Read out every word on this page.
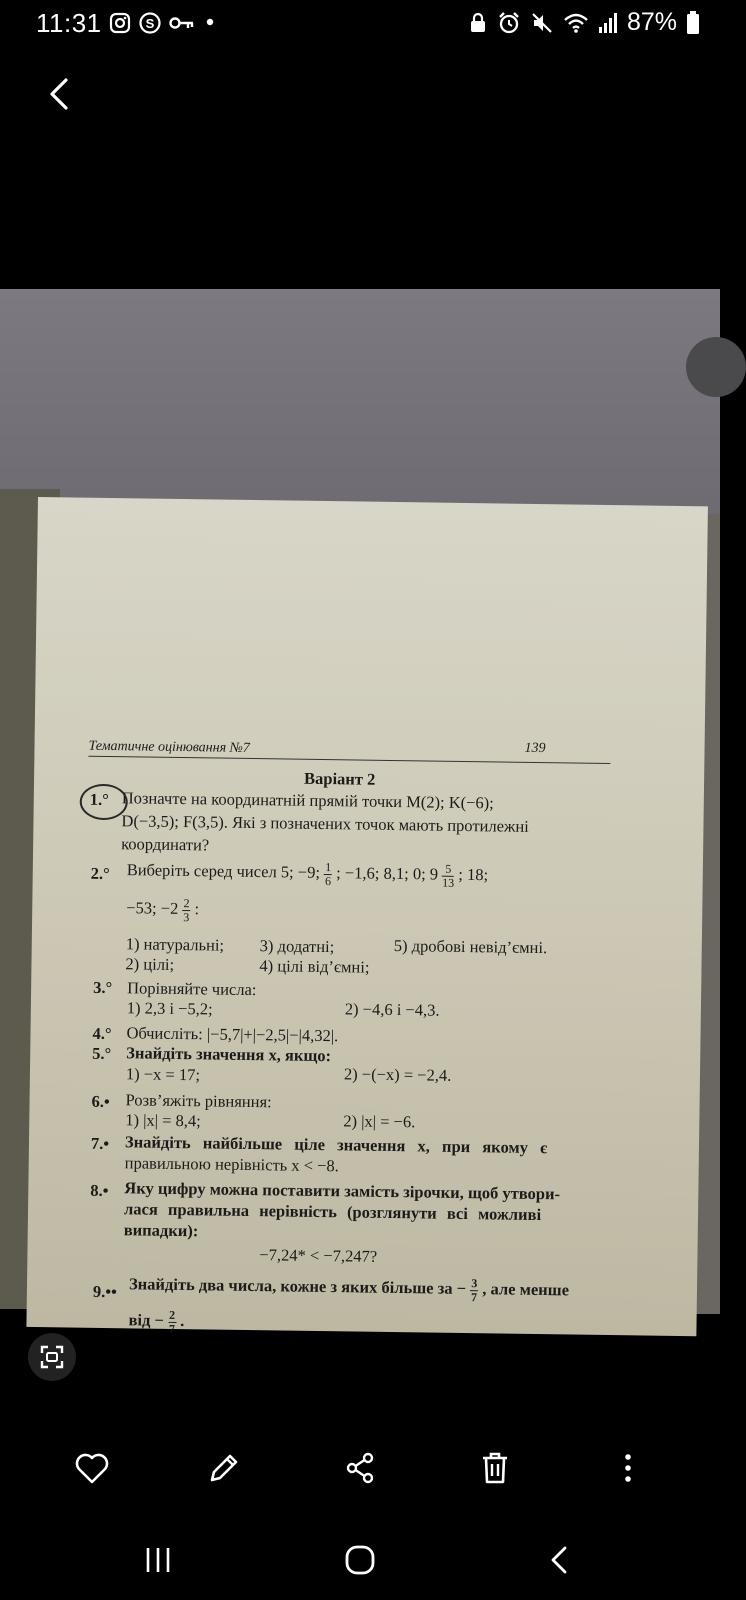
11:31	S	87%
Тематичне оцінювання №7	139
Варіант 2
1.° Позначте на координатній прямій точки M(2); K(−6);
D(−3,5); F(3,5). Які з позначених точок мають протилежні
координати?
2.° Виберіть серед чисел 5; −9; $\frac{1}{6}$ ; −1,6; 8,1; 0; $9 \frac{5}{13}$ ; 18;
−53; $-2 \frac{2}{3}$ :
1) натуральні; 3) додатні;	5) дробові невід’ємні.
2) цілі;	4) цілі від’ємні;
3.° Порівняйте числа:
1) 2,3 і −5,2;	2) −4,6 і −4,3.
4.° Обчисліть: |−5,7|+|−2,5|−|4,32|.
5.° Знайдіть значення x, якщо:
1) −x = 17;	2) −(−x) = −2,4.
6.• Розв’яжіть рівняння:
1) |x| = 8,4;	2) |x| = −6.
7.• Знайдіть найбільше ціле значення x, при якому є
правильною нерівність x < −8.
8.• Яку цифру можна поставити замість зірочки, щоб утвори-
лася правильна нерівність (розглянути всі можливі
випадки):
−7,24* < −7,247?
9.•• Знайдіть два числа, кожне з яких більше за − $\frac{3}{7}$ , але менше
від − $\frac{2}{7}$ .
